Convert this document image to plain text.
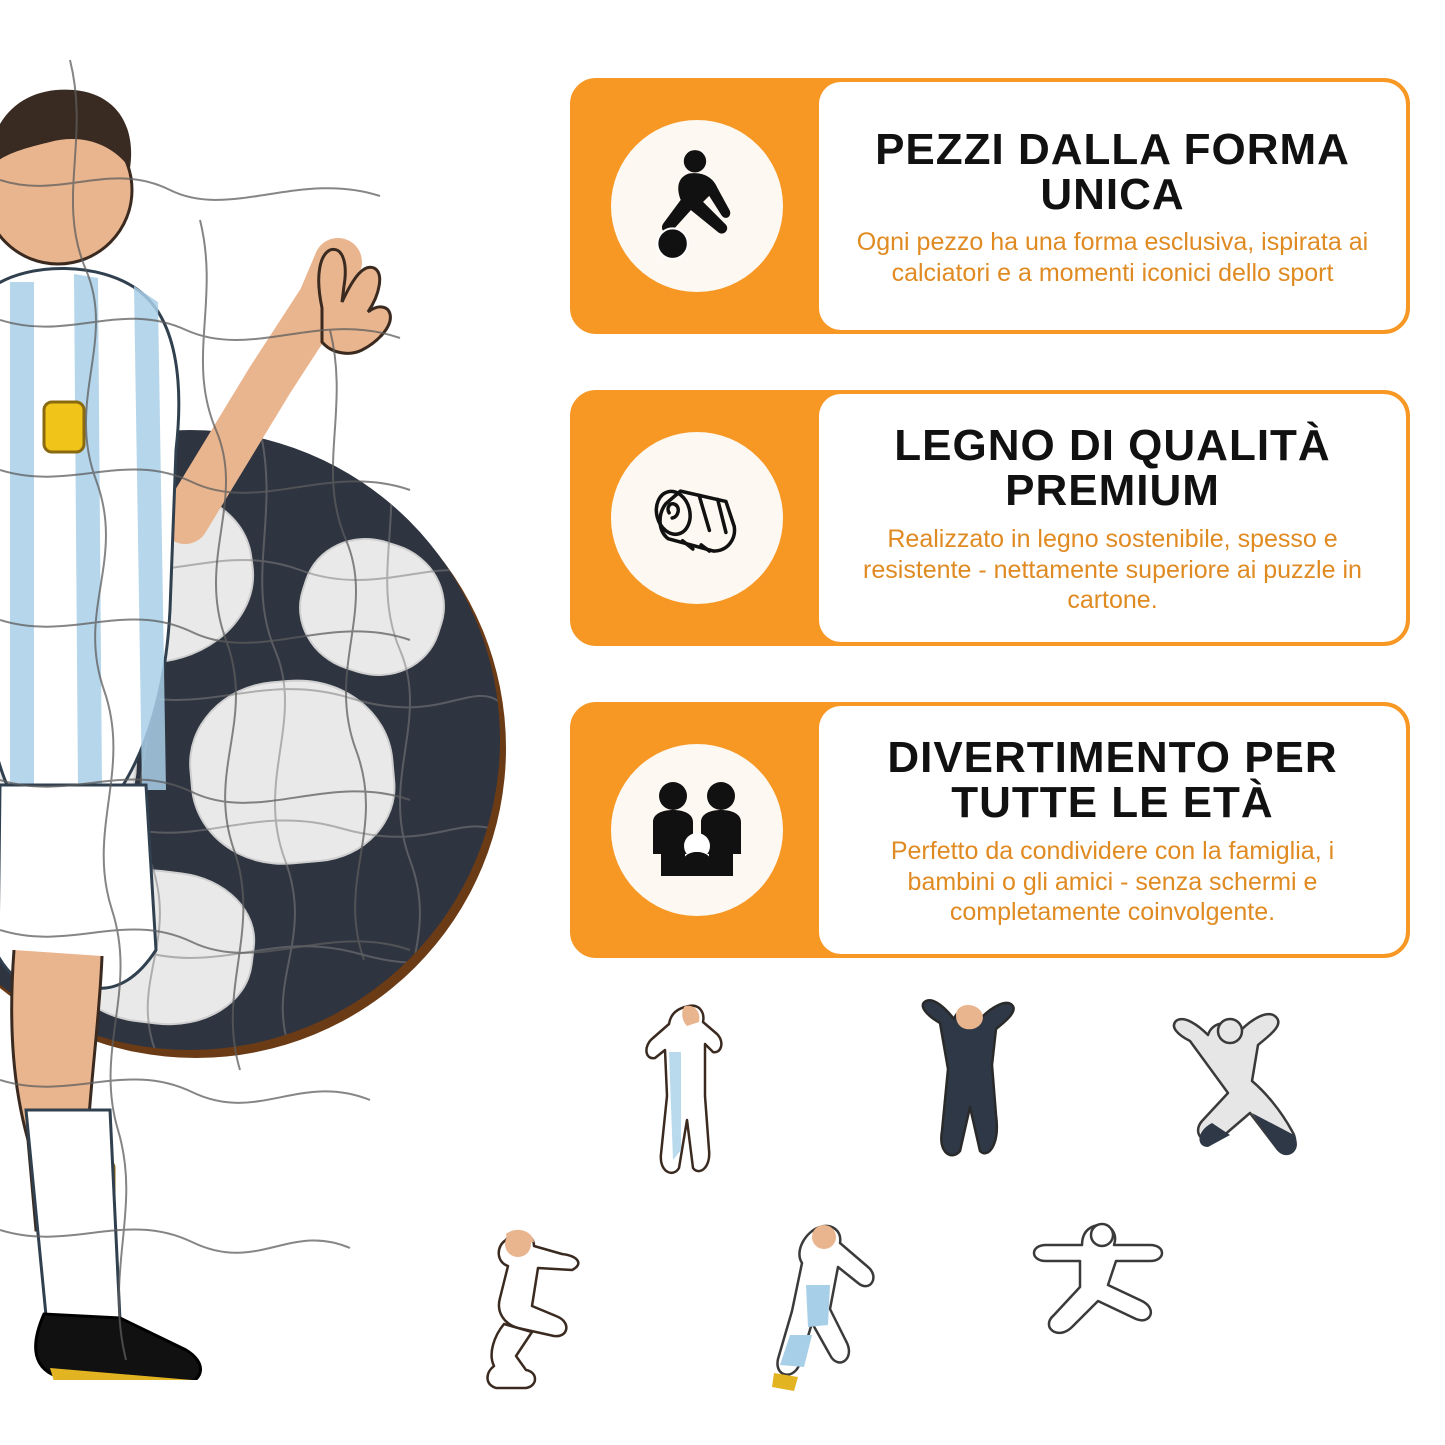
PEZZI DALLA FORMA UNICA

Ogni pezzo ha una forma esclusiva, ispirata ai calciatori e a momenti iconici dello sport

LEGNO DI QUALITÀ PREMIUM

Realizzato in legno sostenibile, spesso e resistente - nettamente superiore ai puzzle in cartone.

DIVERTIMENTO PER TUTTE LE ETÀ

Perfetto da condividere con la famiglia, i bambini o gli amici - senza schermi e completamente coinvolgente.
